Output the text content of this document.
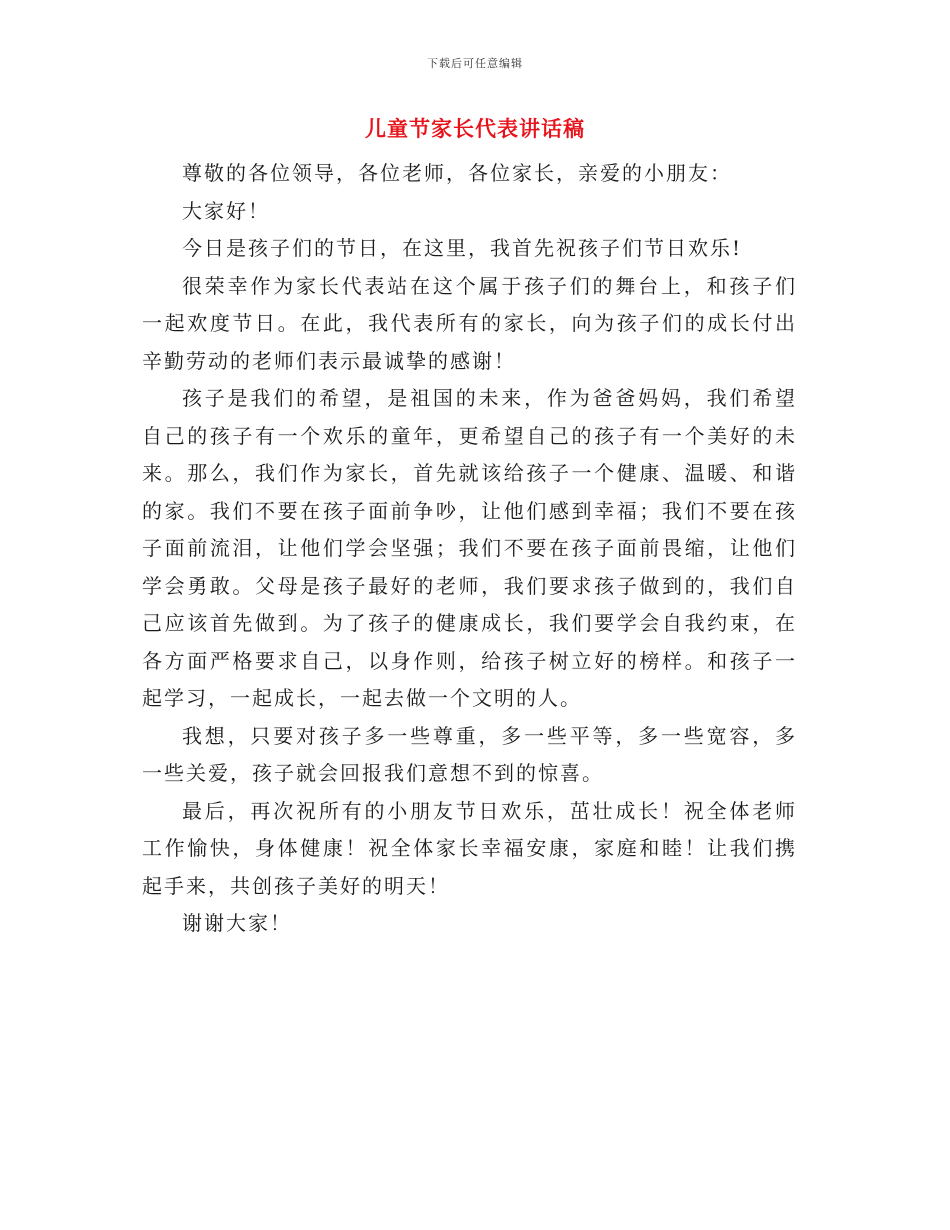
下载后可任意编辑
儿童节家长代表讲话稿

尊敬的各位领导，各位老师，各位家长，亲爱的小朋友：

大家好！

今日是孩子们的节日，在这里，我首先祝孩子们节日欢乐!

很荣幸作为家长代表站在这个属于孩子们的舞台上，和孩子们一起欢度节日。在此，我代表所有的家长，向为孩子们的成长付出辛勤劳动的老师们表示最诚挚的感谢！

孩子是我们的希望，是祖国的未来，作为爸爸妈妈，我们希望自己的孩子有一个欢乐的童年，更希望自己的孩子有一个美好的未来。那么，我们作为家长，首先就该给孩子一个健康、温暖、和谐的家。我们不要在孩子面前争吵，让他们感到幸福；我们不要在孩子面前流泪，让他们学会坚强；我们不要在孩子面前畏缩，让他们学会勇敢。父母是孩子最好的老师，我们要求孩子做到的，我们自己应该首先做到。为了孩子的健康成长，我们要学会自我约束，在各方面严格要求自己，以身作则，给孩子树立好的榜样。和孩子一起学习，一起成长，一起去做一个文明的人。

我想，只要对孩子多一些尊重，多一些平等，多一些宽容，多一些关爱，孩子就会回报我们意想不到的惊喜。

最后，再次祝所有的小朋友节日欢乐，茁壮成长！祝全体老师工作愉快，身体健康！祝全体家长幸福安康，家庭和睦！让我们携起手来，共创孩子美好的明天！

谢谢大家！
